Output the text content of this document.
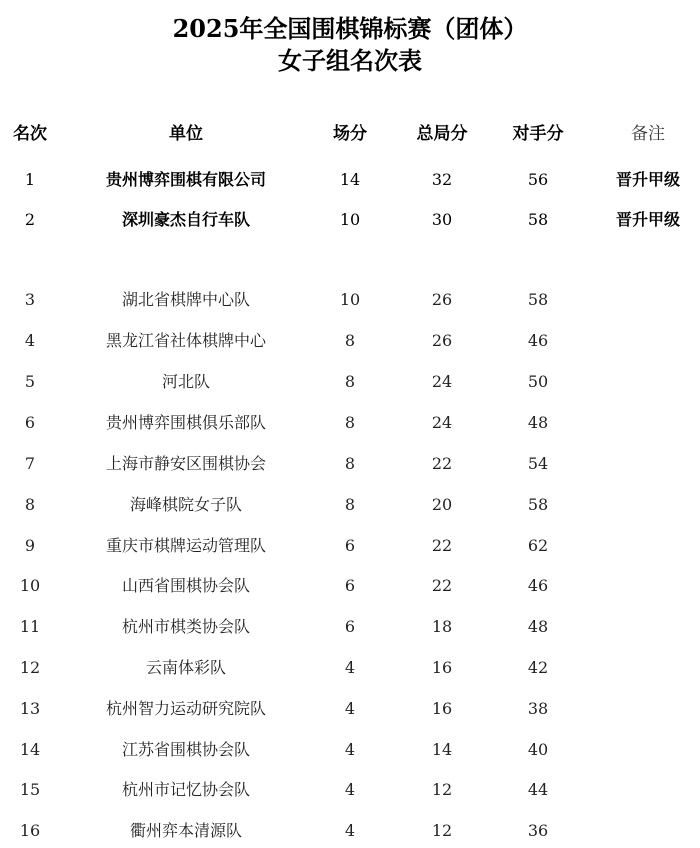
2025年全国围棋锦标赛（团体）
女子组名次表
名次	单位	场分	总局分	对手分	备注
1	贵州博弈围棋有限公司	14	32	56	晋升甲级
2	深圳豪杰自行车队	10	30	58	晋升甲级
3	湖北省棋牌中心队	10	26	58
4	黑龙江省社体棋牌中心	8	26	46
5	河北队	8	24	50
6	贵州博弈围棋俱乐部队	8	24	48
7	上海市静安区围棋协会	8	22	54
8	海峰棋院女子队	8	20	58
9	重庆市棋牌运动管理队	6	22	62
10	山西省围棋协会队	6	22	46
11	杭州市棋类协会队	6	18	48
12	云南体彩队	4	16	42
13	杭州智力运动研究院队	4	16	38
14	江苏省围棋协会队	4	14	40
15	杭州市记忆协会队	4	12	44
16	衢州弈本清源队	4	12	36
